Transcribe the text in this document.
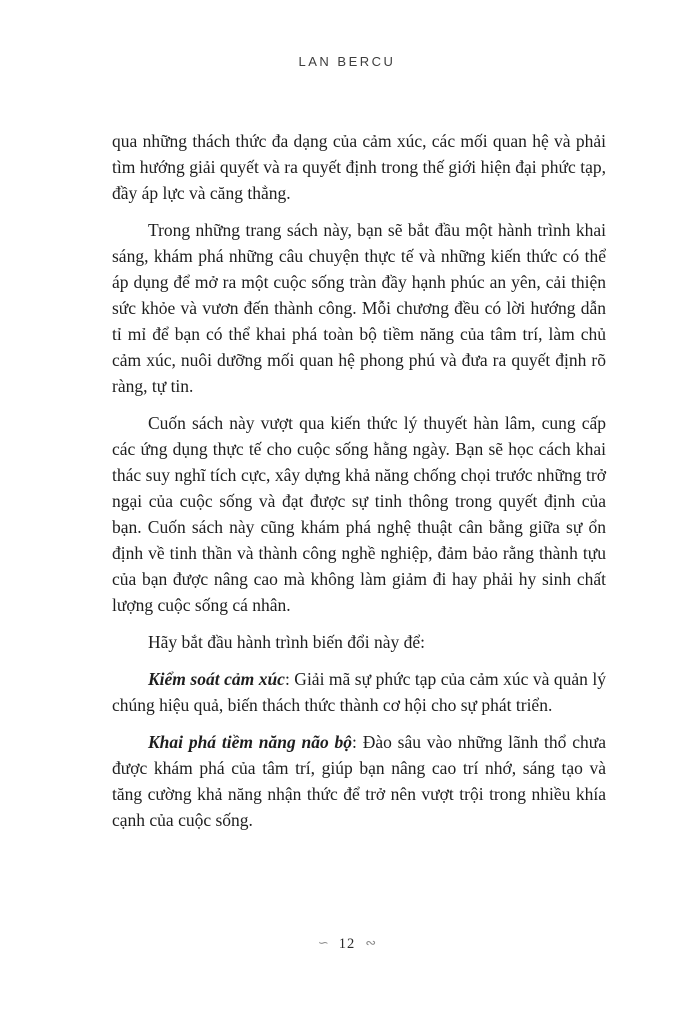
LAN BERCU

qua những thách thức đa dạng của cảm xúc, các mối quan hệ và phải tìm hướng giải quyết và ra quyết định trong thế giới hiện đại phức tạp, đầy áp lực và căng thẳng.

Trong những trang sách này, bạn sẽ bắt đầu một hành trình khai sáng, khám phá những câu chuyện thực tế và những kiến thức có thể áp dụng để mở ra một cuộc sống tràn đầy hạnh phúc an yên, cải thiện sức khỏe và vươn đến thành công. Mỗi chương đều có lời hướng dẫn tỉ mỉ để bạn có thể khai phá toàn bộ tiềm năng của tâm trí, làm chủ cảm xúc, nuôi dưỡng mối quan hệ phong phú và đưa ra quyết định rõ ràng, tự tin.

Cuốn sách này vượt qua kiến thức lý thuyết hàn lâm, cung cấp các ứng dụng thực tế cho cuộc sống hằng ngày. Bạn sẽ học cách khai thác suy nghĩ tích cực, xây dựng khả năng chống chọi trước những trở ngại của cuộc sống và đạt được sự tinh thông trong quyết định của bạn. Cuốn sách này cũng khám phá nghệ thuật cân bằng giữa sự ổn định về tinh thần và thành công nghề nghiệp, đảm bảo rằng thành tựu của bạn được nâng cao mà không làm giảm đi hay phải hy sinh chất lượng cuộc sống cá nhân.

Hãy bắt đầu hành trình biến đổi này để:

Kiểm soát cảm xúc: Giải mã sự phức tạp của cảm xúc và quản lý chúng hiệu quả, biến thách thức thành cơ hội cho sự phát triển.

Khai phá tiềm năng não bộ: Đào sâu vào những lãnh thổ chưa được khám phá của tâm trí, giúp bạn nâng cao trí nhớ, sáng tạo và tăng cường khả năng nhận thức để trở nên vượt trội trong nhiều khía cạnh của cuộc sống.

∽ 12 ∾
